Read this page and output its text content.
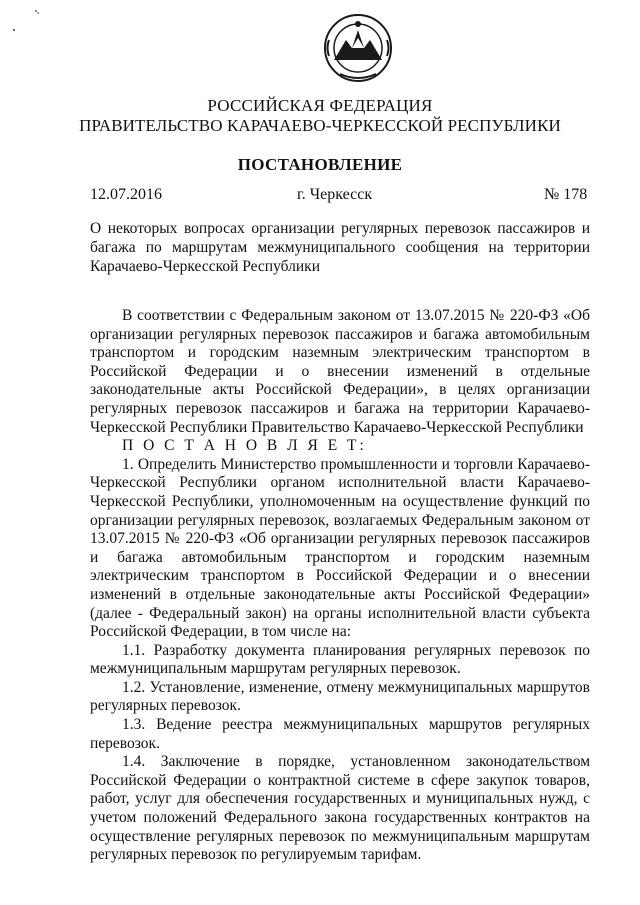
РОССИЙСКАЯ ФЕДЕРАЦИЯ
ПРАВИТЕЛЬСТВО КАРАЧАЕВО-ЧЕРКЕССКОЙ РЕСПУБЛИКИ
ПОСТАНОВЛЕНИЕ
12.07.2016	г. Черкесск	№ 178
О некоторых вопросах организации регулярных перевозок пассажиров и багажа по маршрутам межмуниципального сообщения на территории Карачаево-Черкесской Республики

В соответствии с Федеральным законом от 13.07.2015 № 220-ФЗ «Об организации регулярных перевозок пассажиров и багажа автомобильным транспортом и городским наземным электрическим транспортом в Российской Федерации и о внесении изменений в отдельные законодательные акты Российской Федерации», в целях организации регулярных перевозок пассажиров и багажа на территории Карачаево-Черкесской Республики Правительство Карачаево-Черкесской Республики

П О С Т А Н О В Л Я Е Т:

1. Определить Министерство промышленности и торговли Карачаево-Черкесской Республики органом исполнительной власти Карачаево-Черкесской Республики, уполномоченным на осуществление функций по организации регулярных перевозок, возлагаемых Федеральным законом от 13.07.2015 № 220-ФЗ «Об организации регулярных перевозок пассажиров и багажа автомобильным транспортом и городским наземным электрическим транспортом в Российской Федерации и о внесении изменений в отдельные законодательные акты Российской Федерации» (далее - Федеральный закон) на органы исполнительной власти субъекта Российской Федерации, в том числе на:

1.1. Разработку документа планирования регулярных перевозок по межмуниципальным маршрутам регулярных перевозок.

1.2. Установление, изменение, отмену межмуниципальных маршрутов регулярных перевозок.

1.3. Ведение реестра межмуниципальных маршрутов регулярных перевозок.

1.4. Заключение в порядке, установленном законодательством Российской Федерации о контрактной системе в сфере закупок товаров, работ, услуг для обеспечения государственных и муниципальных нужд, с учетом положений Федерального закона государственных контрактов на осуществление регулярных перевозок по межмуниципальным маршрутам регулярных перевозок по регулируемым тарифам.
